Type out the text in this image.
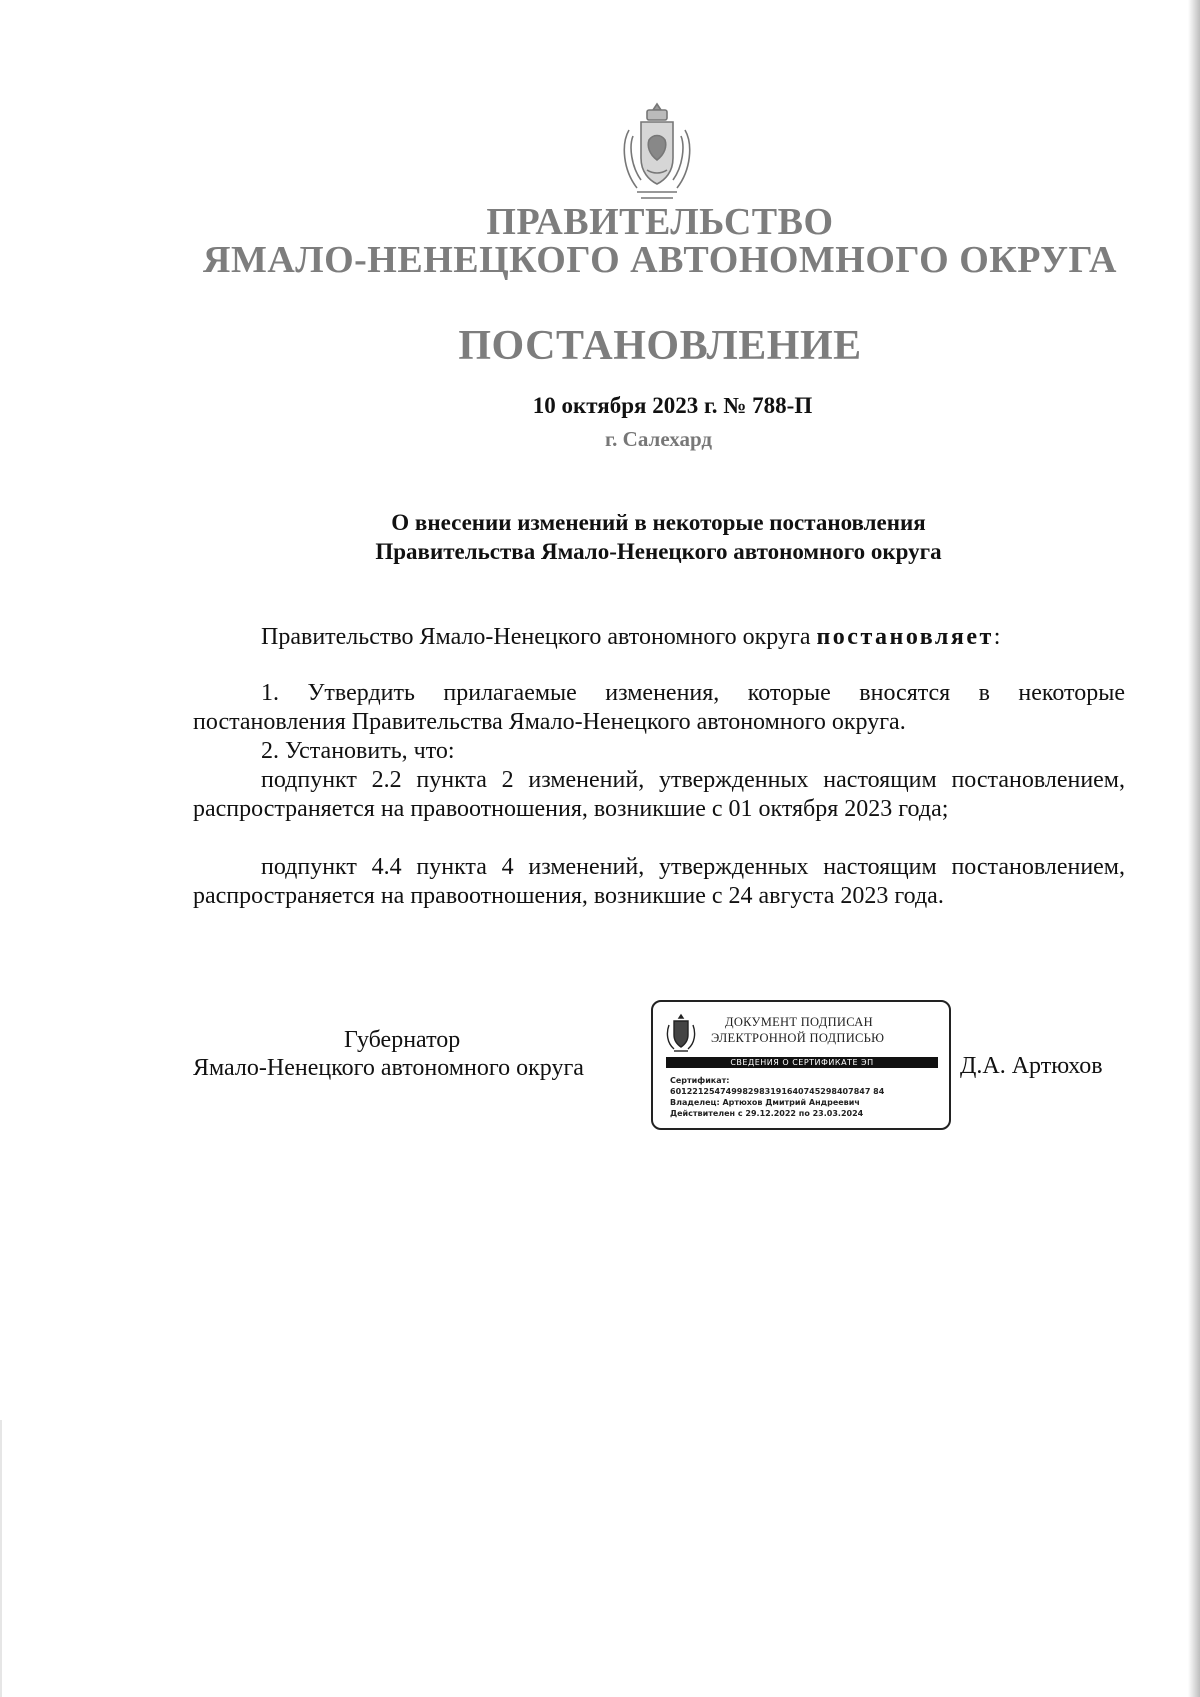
ПРАВИТЕЛЬСТВО
ЯМАЛО-НЕНЕЦКОГО АВТОНОМНОГО ОКРУГА
ПОСТАНОВЛЕНИЕ
10 октября 2023 г. № 788-П
г. Салехард
О внесении изменений в некоторые постановления
Правительства Ямало-Ненецкого автономного округа
Правительство Ямало-Ненецкого автономного округа постановляет:
1. Утвердить прилагаемые изменения, которые вносятся в некоторые постановления Правительства Ямало-Ненецкого автономного округа.
2. Установить, что:
подпункт 2.2 пункта 2 изменений, утвержденных настоящим постановлением, распространяется на правоотношения, возникшие с 01 октября 2023 года;
подпункт 4.4 пункта 4 изменений, утвержденных настоящим постановлением, распространяется на правоотношения, возникшие с 24 августа 2023 года.
Губернатор
Ямало-Ненецкого автономного округа	Д.А. Артюхов
ДОКУМЕНТ ПОДПИСАН
ЭЛЕКТРОННОЙ ПОДПИСЬЮ
СВЕДЕНИЯ О СЕРТИФИКАТЕ ЭП
Сертификат:
601221254749982983191640745298407847 84
Владелец: Артюхов Дмитрий Андреевич
Действителен с 29.12.2022 по 23.03.2024
